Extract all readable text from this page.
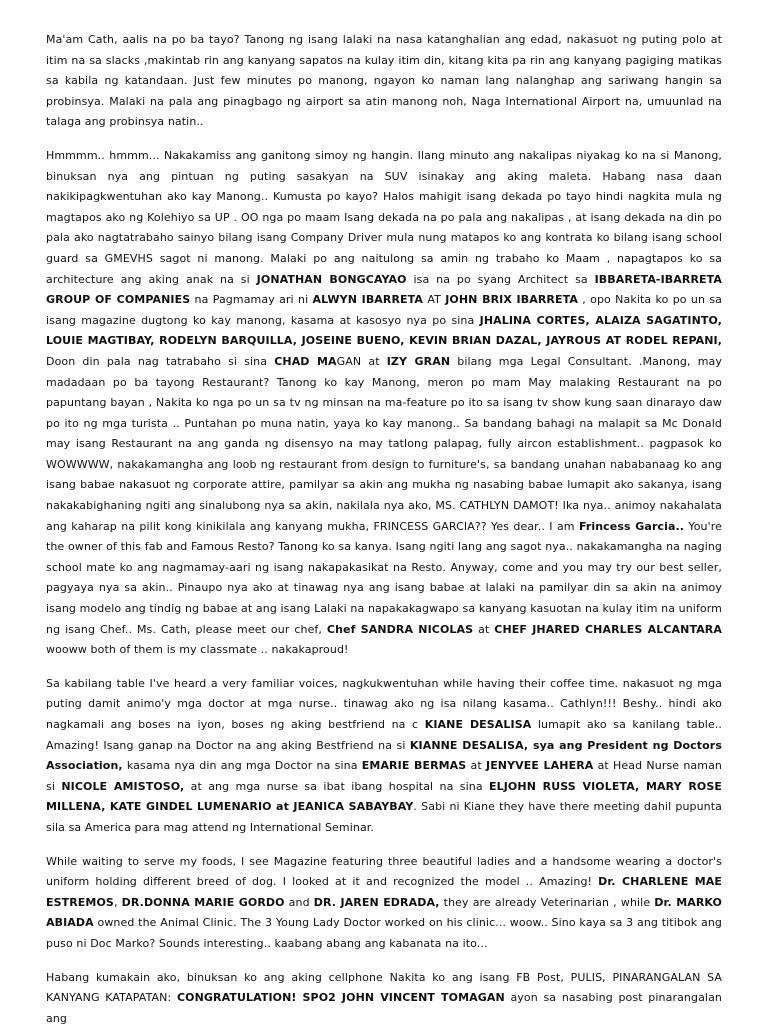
Ma'am Cath, aalis na po ba tayo? Tanong ng isang lalaki na nasa katanghalian ang edad, nakasuot ng puting polo at itim na sa slacks ,makintab rin ang kanyang sapatos na kulay itim din, kitang kita pa rin ang kanyang pagiging matikas sa kabila ng katandaan. Just few minutes po manong, ngayon ko naman lang nalanghap ang sariwang hangin sa probinsya. Malaki na pala ang pinagbago ng airport sa atin manong noh, Naga International Airport na, umuunlad na talaga ang probinsya natin..

Hmmmm.. hmmm... Nakakamiss ang ganitong simoy ng hangin. Ilang minuto ang nakalipas niyakag ko na si Manong, binuksan nya ang pintuan ng puting sasakyan na SUV isinakay ang aking maleta. Habang nasa daan nakikipagkwentuhan ako kay Manong.. Kumusta po kayo? Halos mahigit isang dekada po tayo hindi nagkita mula ng magtapos ako ng Kolehiyo sa UP . OO nga po maam Isang dekada na po pala ang nakalipas , at isang dekada na din po pala ako nagtatrabaho sainyo bilang isang Company Driver mula nung matapos ko ang kontrata ko bilang isang school guard sa GMEVHS sagot ni manong. Malaki po ang naitulong sa amin ng trabaho ko Maam , napagtapos ko sa architecture ang aking anak na si JONATHAN BONGCAYAO isa na po syang Architect sa IBBARETA-IBARRETA GROUP OF COMPANIES na Pagmamay ari ni ALWYN IBARRETA AT JOHN BRIX IBARRETA , opo Nakita ko po un sa isang magazine dugtong ko kay manong, kasama at kasosyo nya po sina JHALINA CORTES, ALAIZA SAGATINTO, LOUIE MAGTIBAY, RODELYN BARQUILLA, JOSEINE BUENO, KEVIN BRIAN DAZAL, JAYROUS AT RODEL REPANI, Doon din pala nag tatrabaho si sina CHAD MAGAN at IZY GRAN bilang mga Legal Consultant. .Manong, may madadaan po ba tayong Restaurant? Tanong ko kay Manong, meron po mam May malaking Restaurant na po papuntang bayan , Nakita ko nga po un sa tv ng minsan na ma-feature po ito sa isang tv show kung saan dinarayo daw po ito ng mga turista .. Puntahan po muna natin, yaya ko kay manong.. Sa bandang bahagi na malapit sa Mc Donald may isang Restaurant na ang ganda ng disensyo na may tatlong palapag, fully aircon establishment.. pagpasok ko WOWWWW, nakakamangha ang loob ng restaurant from design to furniture's, sa bandang unahan nababanaag ko ang isang babae nakasuot ng corporate attire, pamilyar sa akin ang mukha ng nasabing babae lumapit ako sakanya, isang nakakabighaning ngiti ang sinalubong nya sa akin, nakilala nya ako, MS. CATHLYN DAMOT! Ika nya.. animoy nakahalata ang kaharap na pilit kong kinikilala ang kanyang mukha, FRINCESS GARCIA?? Yes dear.. I am Frincess Garcia.. You're the owner of this fab and Famous Resto? Tanong ko sa kanya. Isang ngiti lang ang sagot nya.. nakakamangha na naging school mate ko ang nagmamay-aari ng isang nakapakasikat na Resto. Anyway, come and you may try our best seller, pagyaya nya sa akin.. Pinaupo nya ako at tinawag nya ang isang babae at lalaki na pamilyar din sa akin na animoy isang modelo ang tindig ng babae at ang isang Lalaki na napakakagwapo sa kanyang kasuotan na kulay itim na uniform ng isang Chef.. Ms. Cath, please meet our chef, Chef SANDRA NICOLAS at CHEF JHARED CHARLES ALCANTARA wooww both of them is my classmate .. nakakaproud!

Sa kabilang table I've heard a very familiar voices, nagkukwentuhan while having their coffee time. nakasuot ng mga puting damit animo'y mga doctor at mga nurse.. tinawag ako ng isa nilang kasama.. Cathlyn!!! Beshy.. hindi ako nagkamali ang boses na iyon, boses ng aking bestfriend na c KIANE DESALISA lumapit ako sa kanilang table.. Amazing! Isang ganap na Doctor na ang aking Bestfriend na si KIANNE DESALISA, sya ang President ng Doctors Association, kasama nya din ang mga Doctor na sina EMARIE BERMAS at JENYVEE LAHERA at Head Nurse naman si NICOLE AMISTOSO, at ang mga nurse sa ibat ibang hospital na sina ELJOHN RUSS VIOLETA, MARY ROSE MILLENA, KATE GINDEL LUMENARIO at JEANICA SABAYBAY. Sabi ni Kiane they have there meeting dahil pupunta sila sa America para mag attend ng International Seminar.

While waiting to serve my foods, I see Magazine featuring three beautiful ladies and a handsome wearing a doctor's uniform holding different breed of dog. I looked at it and recognized the model .. Amazing! Dr. CHARLENE MAE ESTREMOS, DR.DONNA MARIE GORDO and DR. JAREN EDRADA, they are already Veterinarian , while Dr. MARKO ABIADA owned the Animal Clinic. The 3 Young Lady Doctor worked on his clinic... woow.. Sino kaya sa 3 ang titibok ang puso ni Doc Marko? Sounds interesting.. kaabang abang ang kabanata na ito...

Habang kumakain ako, binuksan ko ang aking cellphone Nakita ko ang isang FB Post, PULIS, PINARANGALAN SA KANYANG KATAPATAN: CONGRATULATION! SPO2 JOHN VINCENT TOMAGAN ayon sa nasabing post pinarangalan ang
